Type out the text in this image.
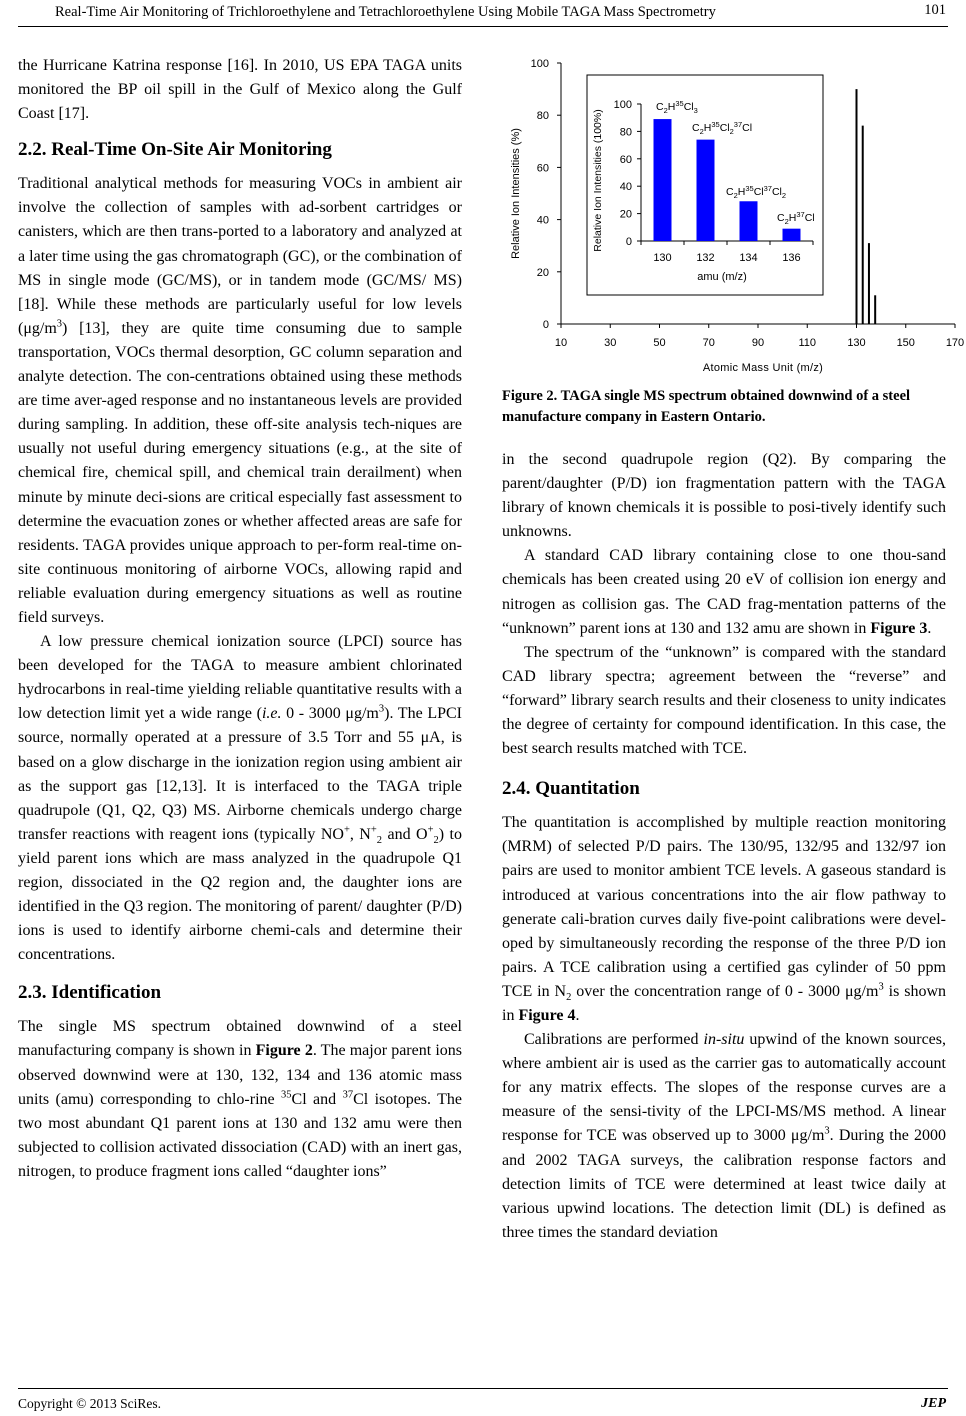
Real-Time Air Monitoring of Trichloroethylene and Tetrachloroethylene Using Mobile TAGA Mass Spectrometry	101

the Hurricane Katrina response [16]. In 2010, US EPA TAGA units monitored the BP oil spill in the Gulf of Mexico along the Gulf Coast [17].

2.2. Real-Time On-Site Air Monitoring

Traditional analytical methods for measuring VOCs in ambient air involve the collection of samples with ad-sorbent cartridges or canisters, which are then trans-ported to a laboratory and analyzed at a later time using the gas chromatograph (GC), or the combination of MS in single mode (GC/MS), or in tandem mode (GC/MS/ MS) [18]. While these methods are particularly useful for low levels $(\mu g/m^3)$ [13], they are quite time consuming due to sample transportation, VOCs thermal desorption, GC column separation and analyte detection. The con-centrations obtained using these methods are time aver-aged response and no instantaneous levels are provided during sampling. In addition, these off-site analysis tech-niques are usually not useful during emergency situations (e.g., at the site of chemical fire, chemical spill, and chemical train derailment) when minute by minute deci-sions are critical especially fast assessment to determine the evacuation zones or whether affected areas are safe for residents. TAGA provides unique approach to per-form real-time on-site continuous monitoring of airborne VOCs, allowing rapid and reliable evaluation during emergency situations as well as routine field surveys.

A low pressure chemical ionization source (LPCI) source has been developed for the TAGA to measure ambient chlorinated hydrocarbons in real-time yielding reliable quantitative results with a low detection limit yet a wide range (i.e. 0 - 3000 $\mu g/m^3$). The LPCI source, normally operated at a pressure of 3.5 Torr and 55 μA, is based on a glow discharge in the ionization region using ambient air as the support gas [12,13]. It is interfaced to the TAGA triple quadrupole (Q1, Q2, Q3) MS. Airborne chemicals undergo charge transfer reactions with reagent ions (typically NO+, $N^+_2$ and $O^+_2$) to yield parent ions which are mass analyzed in the quadrupole Q1 region, dissociated in the Q2 region and, the daughter ions are identified in the Q3 region. The monitoring of parent/ daughter (P/D) ions is used to identify airborne chemi-cals and determine their concentrations.

2.3. Identification

The single MS spectrum obtained downwind of a steel manufacturing company is shown in Figure 2. The major parent ions observed downwind were at 130, 132, 134 and 136 atomic mass units (amu) corresponding to chlo-rine $^{35}$Cl and $^{37}$Cl isotopes. The two most abundant Q1 parent ions at 130 and 132 amu were then subjected to collision activated dissociation (CAD) with an inert gas, nitrogen, to produce fragment ions called “daughter ions”

0
20
40
60
80
100
10	30	50	70	90	110	130	150	170
Atomic Mass Unit (m/z)
Relative Ion Intensities (%)	0
20
40
60
80
100
130 132 134 136
amu (m/z)
Relative Ion Intensities (100%)
$C_2H^{35}Cl_3$
$C_2H^{35}Cl_2^{37}Cl$
$C_2H^{35}Cl^{37}Cl_2$
$C_2H^{37}Cl$
Figure 2. TAGA single MS spectrum obtained downwind of a steel manufacture company in Eastern Ontario.

in the second quadrupole region (Q2). By comparing the parent/daughter (P/D) ion fragmentation pattern with the TAGA library of known chemicals it is possible to posi-tively identify such unknowns.

A standard CAD library containing close to one thou-sand chemicals has been created using 20 eV of collision ion energy and nitrogen as collision gas. The CAD frag-mentation patterns of the “unknown” parent ions at 130 and 132 amu are shown in Figure 3.

The spectrum of the “unknown” is compared with the standard CAD library spectra; agreement between the “reverse” and “forward” library search results and their closeness to unity indicates the degree of certainty for compound identification. In this case, the best search results matched with TCE.

2.4. Quantitation

The quantitation is accomplished by multiple reaction monitoring (MRM) of selected P/D pairs. The 130/95, 132/95 and 132/97 ion pairs are used to monitor ambient TCE levels. A gaseous standard is introduced at various concentrations into the air flow pathway to generate cali-bration curves daily five-point calibrations were devel-oped by simultaneously recording the response of the three P/D ion pairs. A TCE calibration using a certified gas cylinder of 50 ppm TCE in $N_2$ over the concentration range of 0 - 3000 $\mu g/m^3$ is shown in Figure 4.

Calibrations are performed in-situ upwind of the known sources, where ambient air is used as the carrier gas to automatically account for any matrix effects. The slopes of the response curves are a measure of the sensi-tivity of the LPCI-MS/MS method. A linear response for TCE was observed up to 3000 $\mu g/m^3$. During the 2000 and 2002 TAGA surveys, the calibration response factors and detection limits of TCE were determined at least twice daily at various upwind locations. The detection limit (DL) is defined as three times the standard deviation

Copyright © 2013 SciRes.	JEP
